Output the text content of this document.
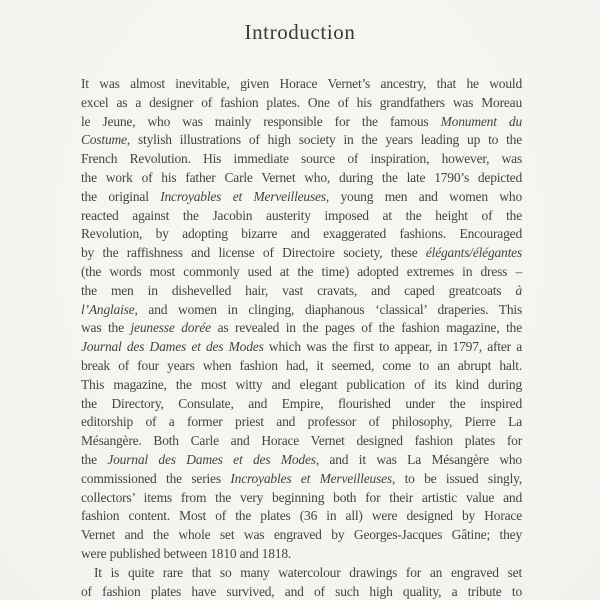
Introduction
It was almost inevitable, given Horace Vernet’s ancestry, that he would
excel as a designer of fashion plates. One of his grandfathers was Moreau
le Jeune, who was mainly responsible for the famous Monument du
Costume, stylish illustrations of high society in the years leading up to the
French Revolution. His immediate source of inspiration, however, was
the work of his father Carle Vernet who, during the late 1790’s depicted
the original Incroyables et Merveilleuses, young men and women who
reacted against the Jacobin austerity imposed at the height of the
Revolution, by adopting bizarre and exaggerated fashions. Encouraged
by the raffishness and license of Directoire society, these élégants/élégantes
(the words most commonly used at the time) adopted extremes in dress –
the men in dishevelled hair, vast cravats, and caped greatcoats à
l’Anglaise, and women in clinging, diaphanous ‘classical’ draperies. This
was the jeunesse dorée as revealed in the pages of the fashion magazine, the
Journal des Dames et des Modes which was the first to appear, in 1797, after a
break of four years when fashion had, it seemed, come to an abrupt halt.
This magazine, the most witty and elegant publication of its kind during
the Directory, Consulate, and Empire, flourished under the inspired
editorship of a former priest and professor of philosophy, Pierre La
Mésangère. Both Carle and Horace Vernet designed fashion plates for
the Journal des Dames et des Modes, and it was La Mésangère who
commissioned the series Incroyables et Merveilleuses, to be issued singly,
collectors’ items from the very beginning both for their artistic value and
fashion content. Most of the plates (36 in all) were designed by Horace
Vernet and the whole set was engraved by Georges-Jacques Gâtine; they
were published between 1810 and 1818.
It is quite rare that so many watercolour drawings for an engraved set
of fashion plates have survived, and of such high quality, a tribute to
